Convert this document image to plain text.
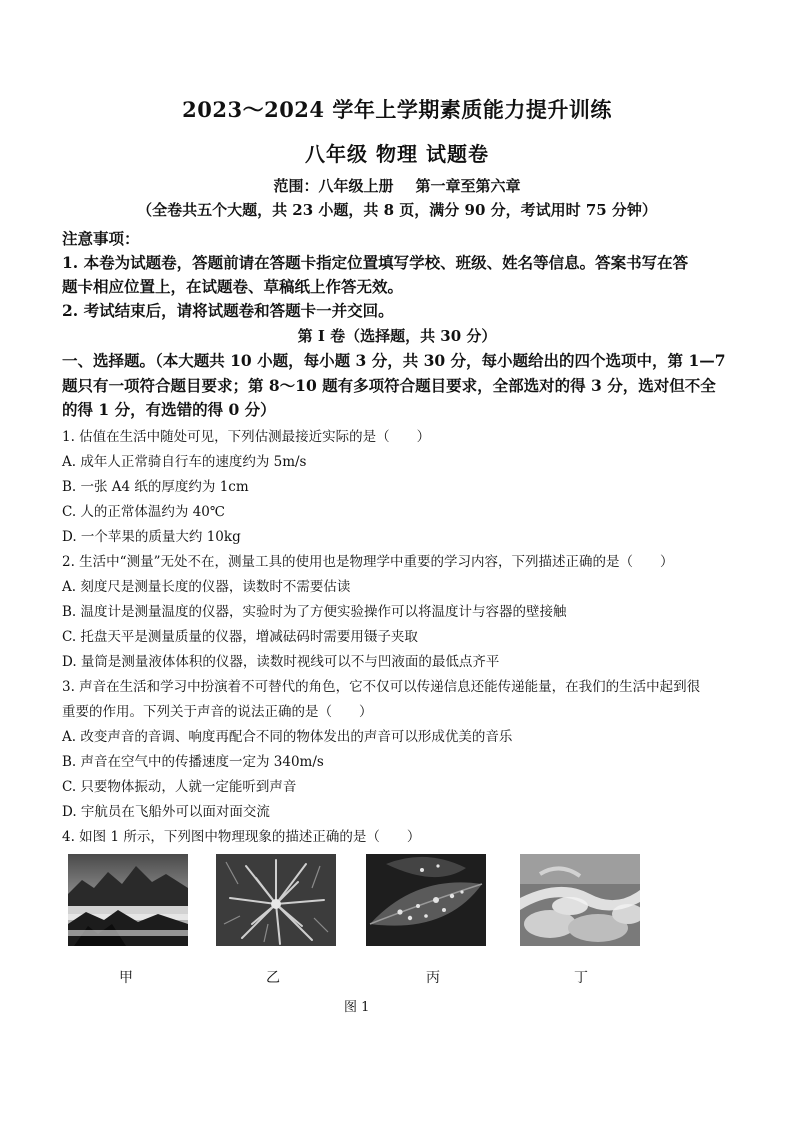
2023～2024 学年上学期素质能力提升训练
八年级 物理 试题卷
范围：八年级上册 第一章至第六章
（全卷共五个大题，共 23 小题，共 8 页，满分 90 分，考试用时 75 分钟）
注意事项：
1. 本卷为试题卷，答题前请在答题卡指定位置填写学校、班级、姓名等信息。答案书写在答
题卡相应位置上，在试题卷、草稿纸上作答无效。
2. 考试结束后，请将试题卷和答题卡一并交回。
第 I 卷（选择题，共 30 分）
一、选择题。（本大题共 10 小题，每小题 3 分，共 30 分，每小题给出的四个选项中，第 1—7
题只有一项符合题目要求；第 8～10 题有多项符合题目要求，全部选对的得 3 分，选对但不全
的得 1 分，有选错的得 0 分）
1. 估值在生活中随处可见，下列估测最接近实际的是（　　）
A. 成年人正常骑自行车的速度约为 5m/s
B. 一张 A4 纸的厚度约为 1cm
C. 人的正常体温约为 40℃
D. 一个苹果的质量大约 10kg
2. 生活中“测量”无处不在，测量工具的使用也是物理学中重要的学习内容，下列描述正确的是（　　）
A. 刻度尺是测量长度的仪器，读数时不需要估读
B. 温度计是测量温度的仪器，实验时为了方便实验操作可以将温度计与容器的壁接触
C. 托盘天平是测量质量的仪器，增减砝码时需要用镊子夹取
D. 量筒是测量液体体积的仪器，读数时视线可以不与凹液面的最低点齐平
3. 声音在生活和学习中扮演着不可替代的角色，它不仅可以传递信息还能传递能量，在我们的生活中起到很
重要的作用。下列关于声音的说法正确的是（　　）
A. 改变声音的音调、响度再配合不同的物体发出的声音可以形成优美的音乐
B. 声音在空气中的传播速度一定为 340m/s
C. 只要物体振动，人就一定能听到声音
D. 宇航员在飞船外可以面对面交流
4. 如图 1 所示，下列图中物理现象的描述正确的是（　　）
甲	乙	丙	丁
图 1
